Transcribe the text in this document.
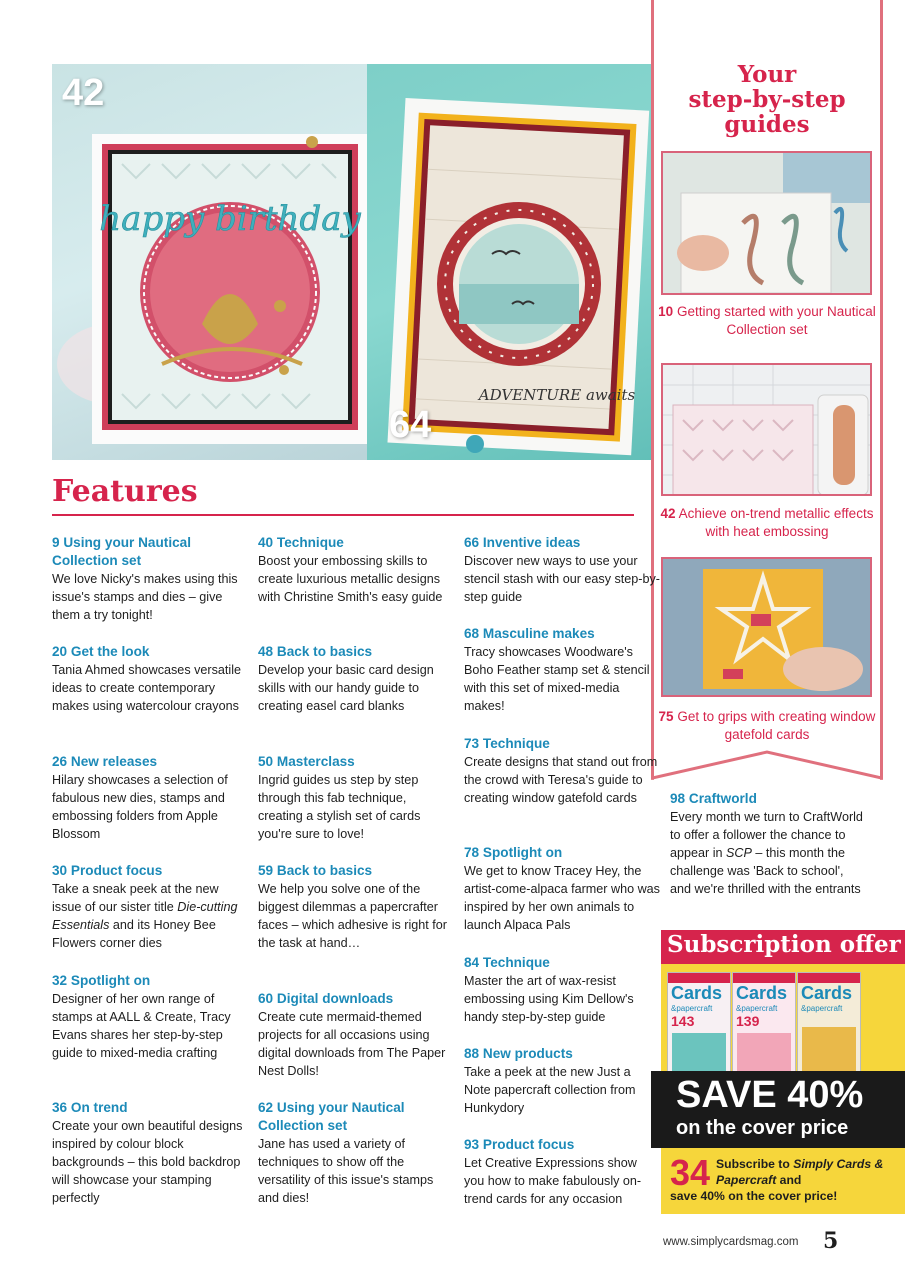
happy birthday
42
ADVENTURE awaits
64
Your
step-by-step
guides
10 Getting started with your Nautical Collection set
42 Achieve on-trend metallic effects with heat embossing
75 Get to grips with creating window gatefold cards
Features
9 Using your Nautical Collection set
We love Nicky's makes using this issue's stamps and dies – give them a try tonight!
20 Get the look
Tania Ahmed showcases versatile ideas to create contemporary makes using watercolour crayons
26 New releases
Hilary showcases a selection of fabulous new dies, stamps and embossing folders from Apple Blossom
30 Product focus
Take a sneak peek at the new issue of our sister title Die-cutting Essentials and its Honey Bee Flowers corner dies
32 Spotlight on
Designer of her own range of stamps at AALL & Create, Tracy Evans shares her step-by-step guide to mixed-media crafting
36 On trend
Create your own beautiful designs inspired by colour block backgrounds – this bold backdrop will showcase your stamping perfectly
40 Technique
Boost your embossing skills to create luxurious metallic designs with Christine Smith's easy guide
48 Back to basics
Develop your basic card design skills with our handy guide to creating easel card blanks
50 Masterclass
Ingrid guides us step by step through this fab technique, creating a stylish set of cards you're sure to love!
59 Back to basics
We help you solve one of the biggest dilemmas a papercrafter faces – which adhesive is right for the task at hand…
60 Digital downloads
Create cute mermaid-themed projects for all occasions using digital downloads from The Paper Nest Dolls!
62 Using your Nautical Collection set
Jane has used a variety of techniques to show off the versatility of this issue's stamps and dies!
66 Inventive ideas
Discover new ways to use your stencil stash with our easy step-by-step guide
68 Masculine makes
Tracy showcases Woodware's Boho Feather stamp set & stencil with this set of mixed-media makes!
73 Technique
Create designs that stand out from the crowd with Teresa's guide to creating window gatefold cards
78 Spotlight on
We get to know Tracey Hey, the artist-come-alpaca farmer who was inspired by her own animals to launch Alpaca Pals
84 Technique
Master the art of wax-resist embossing using Kim Dellow's handy step-by-step guide
88 New products
Take a peek at the new Just a Note papercraft collection from Hunkydory
93 Product focus
Let Creative Expressions show you how to make fabulously on-trend cards for any occasion
98 Craftworld
Every month we turn to CraftWorld to offer a follower the chance to appear in SCP – this month the challenge was 'Back to school', and we're thrilled with the entrants
Subscription offer
Cards
&papercraft
143
Cards
&papercraft
139
Cards
&papercraft
SAVE 40%
on the cover price
34 Subscribe to Simply Cards & Papercraft and
save 40% on the cover price!
www.simplycardsmag.com 5
